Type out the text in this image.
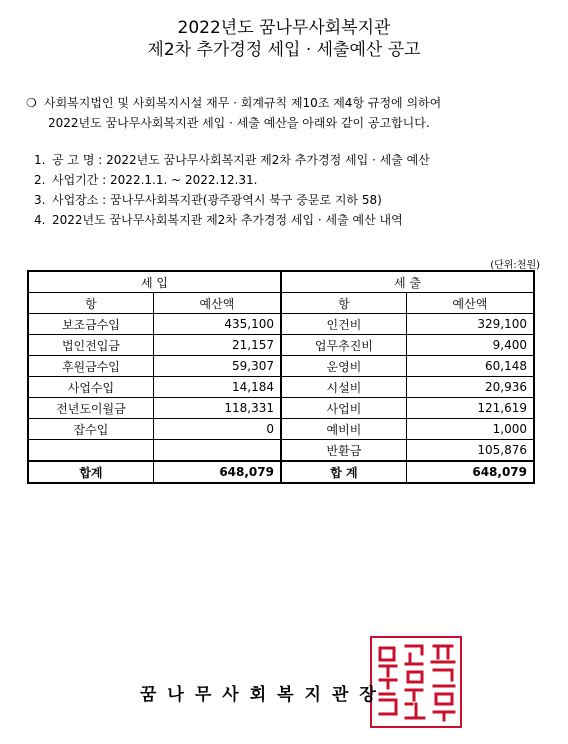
2022년도 꿈나무사회복지관
제2차 추가경정 세입 · 세출예산 공고
❍ 사회복지법인 및 사회복지시설 재무 · 회계규칙 제10조 제4항 규정에 의하여
2022년도 꿈나무사회복지관 세입 · 세출 예산을 아래와 같이 공고합니다.
1. 공 고 명 : 2022년도 꿈나무사회복지관 제2차 추가경정 세입 · 세출 예산
2. 사업기간 : 2022.1.1. ~ 2022.12.31.
3. 사업장소 : 꿈나무사회복지관(광주광역시 북구 중문로 지하 58)
4. 2022년도 꿈나무사회복지관 제2차 추가경정 세입 · 세출 예산 내역
(단위:천원)
세 입		세 출	
항	예산액	항	예산액
보조금수입	435,100	인건비	329,100
법인전입금	21,157	업무추진비	9,400
후원금수입	59,307	운영비	60,148
사업수입	14,184	시설비	20,936
전년도이월금	118,331	사업비	121,619
잡수입	0	예비비	1,000
		반환금	105,876
합계	648,079	합 계	648,079
꿈나무사회복지관장
